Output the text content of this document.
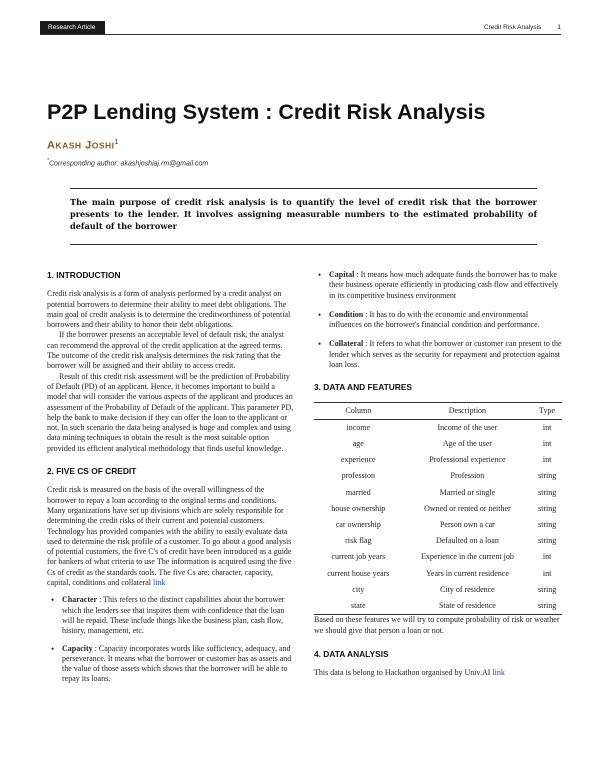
Research Article	Credit Risk Analysis 1
P2P Lending System : Credit Risk Analysis
AKASH JOSHI$^1$
*Corresponding author: akashjoshiaj.rm@gmail.com
The main purpose of credit risk analysis is to quantify the level of credit risk that the borrower presents to the lender. It involves assigning measurable numbers to the estimated probability of default of the borrower
1. INTRODUCTION

Credit risk analysis is a form of analysis performed by a credit analyst on potential borrowers to determine their ability to meet debt obligations. The main goal of credit analysis is to determine the creditworthiness of potential borrowers and their ability to honor their debt obligations.

If the borrower presents an acceptable level of default risk, the analyst can recommend the approval of the credit application at the agreed terms. The outcome of the credit risk analysis determines the risk rating that the borrower will be assigned and their ability to access credit.

Result of this credit risk assessment will be the prediction of Probability of Default (PD) of an applicant. Hence, it becomes important to build a model that will consider the various aspects of the applicant and produces an assessment of the Probability of Default of the applicant. This parameter PD, help the bank to make decision if they can offer the loan to the applicant or not. In such scenario the data being analysed is huge and complex and using data mining techniques to obtain the result is the most suitable option provided its efficient analytical methodology that finds useful knowledge.

2. FIVE CS OF CREDIT

Credit risk is measured on the basis of the overall willingness of the borrower to repay a loan according to the original terms and conditions. Many organizations have set up divisions which are solely responsible for determining the credit risks of their current and potential customers. Technology has provided companies with the ability to easily evaluate data used to determine the risk profile of a customer. To go about a good analysis of potential customers, the five C's of credit have been introduced as a guide for bankers of what criteria to use The information is acquired using the five Cs of credit as the standards tools. The five Cs are: character, capacity, capital, conditions and collateral link

• Character : This refers to the distinct capabilities about the borrower which the lenders see that inspires them with confidence that the loan will be repaid. These include things like the business plan, cash flow, history, management, etc.
• Capacity : Capacity incorporates words like sufficiency, adequacy, and perseverance. It means what the borrower or customer has as assets and the value of those assets which shows that the borrower will be able to repay its loans.
• Capital : It means how much adequate funds the borrower has to make their business operate efficiently in producing cash flow and effectively in its competitive business environment
• Condition : It has to do with the economic and environmental influences on the borrower's financial condition and performance.
• Collateral : It refers to what the borrower or customer can present to the lender which serves as the security for repayment and protection against loan loss.
3. DATA AND FEATURES
Column	Description	Type
income	Income of the user	int
age	Age of the user	int
experience	Professional experience	int
profession	Profession	string
married	Married or single	string
house ownership	Owned or rented or neither	string
car ownership	Person own a car	string
risk flag	Defaulted on a loan	string
current job years	Experience in the current job	int
current house years	Years in current residence	int
city	City of residence	string
state	State of residence	string

Based on these features we will try to compute probability of risk or weather we should give that person a loan or not.

4. DATA ANALYSIS

This data is belong to Hackathon organised by Univ.AI link
